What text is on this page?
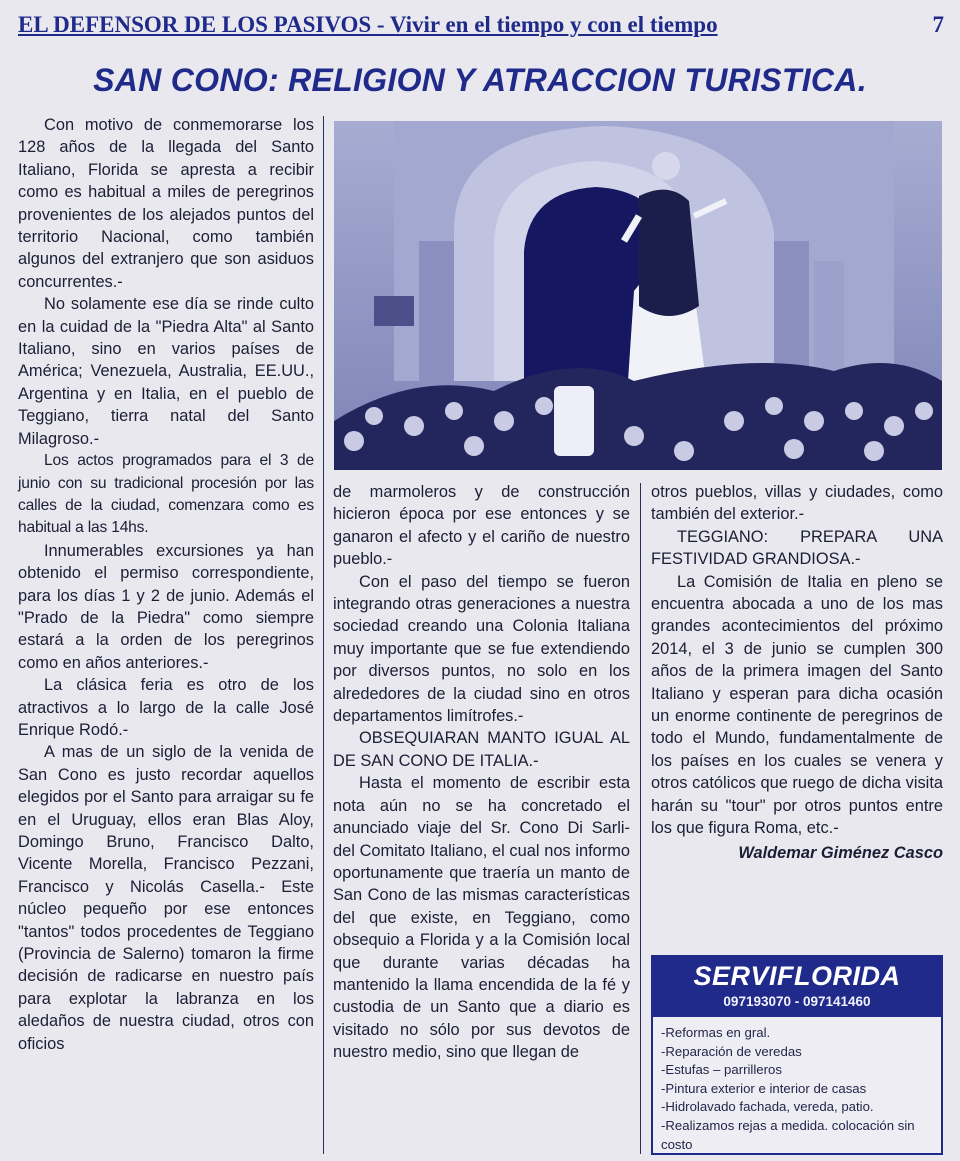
EL DEFENSOR DE LOS PASIVOS - Vivir en el tiempo y con el tiempo	7
SAN CONO: RELIGION Y ATRACCION TURISTICA.

Con motivo de conmemorarse los 128 años de la llegada del Santo Italiano, Florida se apresta a recibir como es habitual a miles de peregrinos provenientes de los alejados puntos del territorio Nacional, como también algunos del extranjero que son asiduos concurrentes.-

No solamente ese día se rinde culto en la cuidad de la "Piedra Alta" al Santo Italiano, sino en varios países de América; Venezuela, Australia, EE.UU., Argentina y en Italia, en el pueblo de Teggiano, tierra natal del Santo Milagroso.-

Los actos programados para el 3 de junio con su tradicional procesión por las calles de la ciudad, comenzara como es habitual a las 14hs.

Innumerables excursiones ya han obtenido el permiso correspondiente, para los días 1 y 2 de junio. Además el "Prado de la Piedra" como siempre estará a la orden de los peregrinos como en años anteriores.-

La clásica feria es otro de los atractivos a lo largo de la calle José Enrique Rodó.-

A mas de un siglo de la venida de San Cono es justo recordar aquellos elegidos por el Santo para arraigar su fe en el Uruguay, ellos eran Blas Aloy, Domingo Bruno, Francisco Dalto, Vicente Morella, Francisco Pezzani, Francisco y Nicolás Casella.- Este núcleo pequeño por ese entonces "tantos" todos procedentes de Teggiano (Provincia de Salerno) tomaron la firme decisión de radicarse en nuestro país para explotar la labranza en los aledaños de nuestra ciudad, otros con oficios

de marmoleros y de construcción hicieron época por ese entonces y se ganaron el afecto y el cariño de nuestro pueblo.-

Con el paso del tiempo se fueron integrando otras generaciones a nuestra sociedad creando una Colonia Italiana muy importante que se fue extendiendo por diversos puntos, no solo en los alrededores de la ciudad sino en otros departamentos limítrofes.-

OBSEQUIARAN MANTO IGUAL AL DE SAN CONO DE ITALIA.-

Hasta el momento de escribir esta nota aún no se ha concretado el anunciado viaje del Sr. Cono Di Sarli- del Comitato Italiano, el cual nos informo oportunamente que traería un manto de San Cono de las mismas características del que existe, en Teggiano, como obsequio a Florida y a la Comisión local que durante varias décadas ha mantenido la llama encendida de la fé y custodia de un Santo que a diario es visitado no sólo por sus devotos de nuestro medio, sino que llegan de

otros pueblos, villas y ciudades, como también del exterior.-

TEGGIANO: PREPARA UNA FESTIVIDAD GRANDIOSA.-

La Comisión de Italia en pleno se encuentra abocada a uno de los mas grandes acontecimientos del próximo 2014, el 3 de junio se cumplen 300 años de la primera imagen del Santo Italiano y esperan para dicha ocasión un enorme continente de peregrinos de todo el Mundo, fundamentalmente de los países en los cuales se venera y otros católicos que ruego de dicha visita harán su "tour" por otros puntos entre los que figura Roma, etc.-

Waldemar Giménez Casco
SERVIFLORIDA
097193070 - 097141460
-Reformas en gral.
-Reparación de veredas
-Estufas – parrilleros
-Pintura exterior e interior de casas
-Hidrolavado fachada, vereda, patio.
-Realizamos rejas a medida. colocación sin costo
